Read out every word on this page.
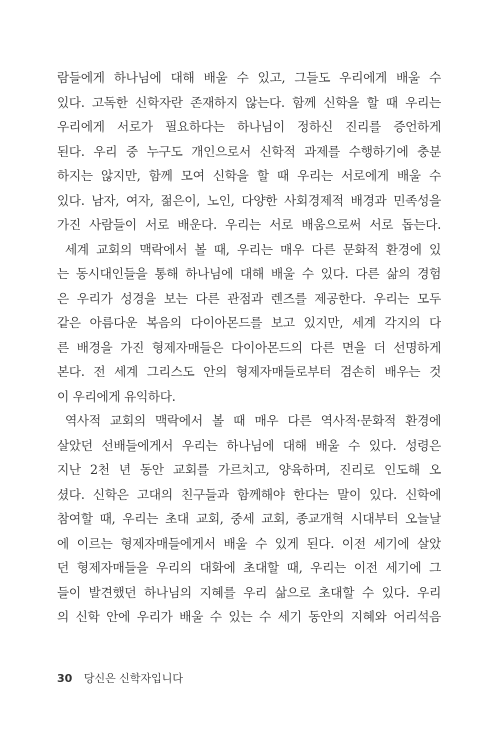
람들에게 하나님에 대해 배울 수 있고, 그들도 우리에게 배울 수
있다. 고독한 신학자란 존재하지 않는다. 함께 신학을 할 때 우리는
우리에게 서로가 필요하다는 하나님이 정하신 진리를 증언하게
된다. 우리 중 누구도 개인으로서 신학적 과제를 수행하기에 충분
하지는 않지만, 함께 모여 신학을 할 때 우리는 서로에게 배울 수
있다. 남자, 여자, 젊은이, 노인, 다양한 사회경제적 배경과 민족성을
가진 사람들이 서로 배운다. 우리는 서로 배움으로써 서로 돕는다.
세계 교회의 맥락에서 볼 때, 우리는 매우 다른 문화적 환경에 있
는 동시대인들을 통해 하나님에 대해 배울 수 있다. 다른 삶의 경험
은 우리가 성경을 보는 다른 관점과 렌즈를 제공한다. 우리는 모두
같은 아름다운 복음의 다이아몬드를 보고 있지만, 세계 각지의 다
른 배경을 가진 형제자매들은 다이아몬드의 다른 면을 더 선명하게
본다. 전 세계 그리스도 안의 형제자매들로부터 겸손히 배우는 것
이 우리에게 유익하다.
역사적 교회의 맥락에서 볼 때 매우 다른 역사적·문화적 환경에
살았던 선배들에게서 우리는 하나님에 대해 배울 수 있다. 성령은
지난 2천 년 동안 교회를 가르치고, 양육하며, 진리로 인도해 오
셨다. 신학은 고대의 친구들과 함께해야 한다는 말이 있다. 신학에
참여할 때, 우리는 초대 교회, 중세 교회, 종교개혁 시대부터 오늘날
에 이르는 형제자매들에게서 배울 수 있게 된다. 이전 세기에 살았
던 형제자매들을 우리의 대화에 초대할 때, 우리는 이전 세기에 그
들이 발견했던 하나님의 지혜를 우리 삶으로 초대할 수 있다. 우리
의 신학 안에 우리가 배울 수 있는 수 세기 동안의 지혜와 어리석음
30 당신은 신학자입니다
